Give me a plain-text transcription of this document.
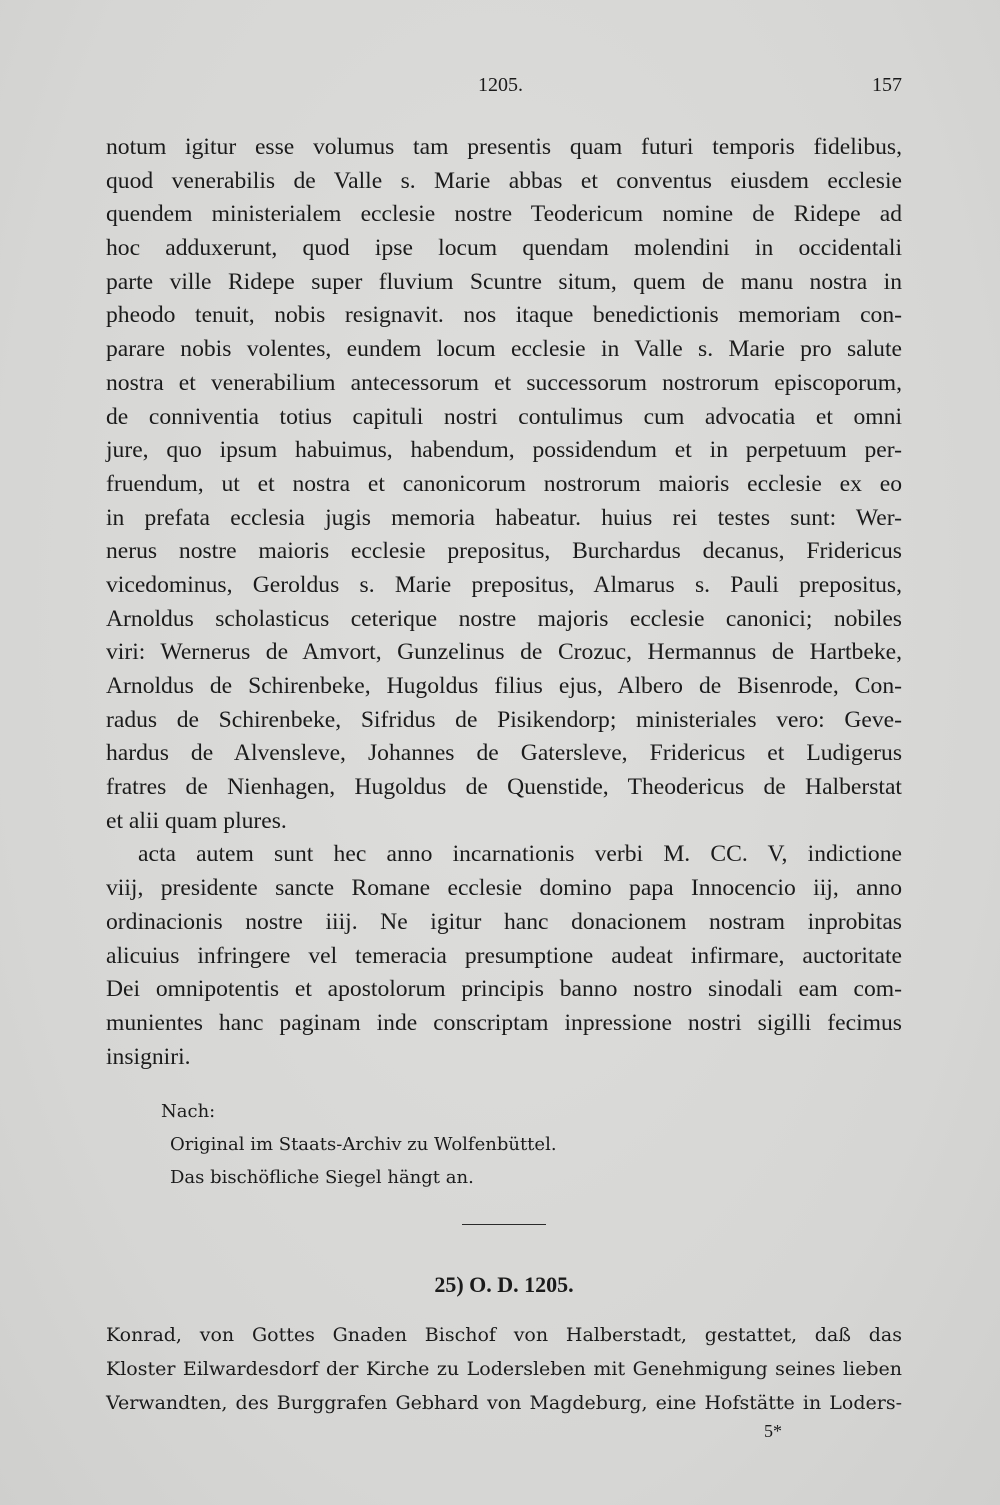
1205.	157
notum igitur esse volumus tam presentis quam futuri temporis fidelibus,
quod venerabilis de Valle s. Marie abbas et conventus eiusdem ecclesie
quendem ministerialem ecclesie nostre Teodericum nomine de Ridepe ad
hoc adduxerunt, quod ipse locum quendam molendini in occidentali
parte ville Ridepe super fluvium Scuntre situm, quem de manu nostra in
pheodo tenuit, nobis resignavit. nos itaque benedictionis memoriam con-
parare nobis volentes, eundem locum ecclesie in Valle s. Marie pro salute
nostra et venerabilium antecessorum et successorum nostrorum episcoporum,
de conniventia totius capituli nostri contulimus cum advocatia et omni
jure, quo ipsum habuimus, habendum, possidendum et in perpetuum per-
fruendum, ut et nostra et canonicorum nostrorum maioris ecclesie ex eo
in prefata ecclesia jugis memoria habeatur. huius rei testes sunt: Wer-
nerus nostre maioris ecclesie prepositus, Burchardus decanus, Fridericus
vicedominus, Geroldus s. Marie prepositus, Almarus s. Pauli prepositus,
Arnoldus scholasticus ceterique nostre majoris ecclesie canonici; nobiles
viri: Wernerus de Amvort, Gunzelinus de Crozuc, Hermannus de Hartbeke,
Arnoldus de Schirenbeke, Hugoldus filius ejus, Albero de Bisenrode, Con-
radus de Schirenbeke, Sifridus de Pisikendorp; ministeriales vero: Geve-
hardus de Alvensleve, Johannes de Gatersleve, Fridericus et Ludigerus
fratres de Nienhagen, Hugoldus de Quenstide, Theodericus de Halberstat
et alii quam plures.
acta autem sunt hec anno incarnationis verbi M. CC. V, indictione
viij, presidente sancte Romane ecclesie domino papa Innocencio iij, anno
ordinacionis nostre iiij. Ne igitur hanc donacionem nostram inprobitas
alicuius infringere vel temeracia presumptione audeat infirmare, auctoritate
Dei omnipotentis et apostolorum principis banno nostro sinodali eam com-
munientes hanc paginam inde conscriptam inpressione nostri sigilli fecimus
insigniri.
Nach:
Original im Staats-Archiv zu Wolfenbüttel.
Das bischöfliche Siegel hängt an.
25) O. D. 1205.
Konrad, von Gottes Gnaden Bischof von Halberstadt, gestattet, daß das
Kloster Eilwardesdorf der Kirche zu Lodersleben mit Genehmigung seines lieben
Verwandten, des Burggrafen Gebhard von Magdeburg, eine Hofstätte in Loders-
5*
